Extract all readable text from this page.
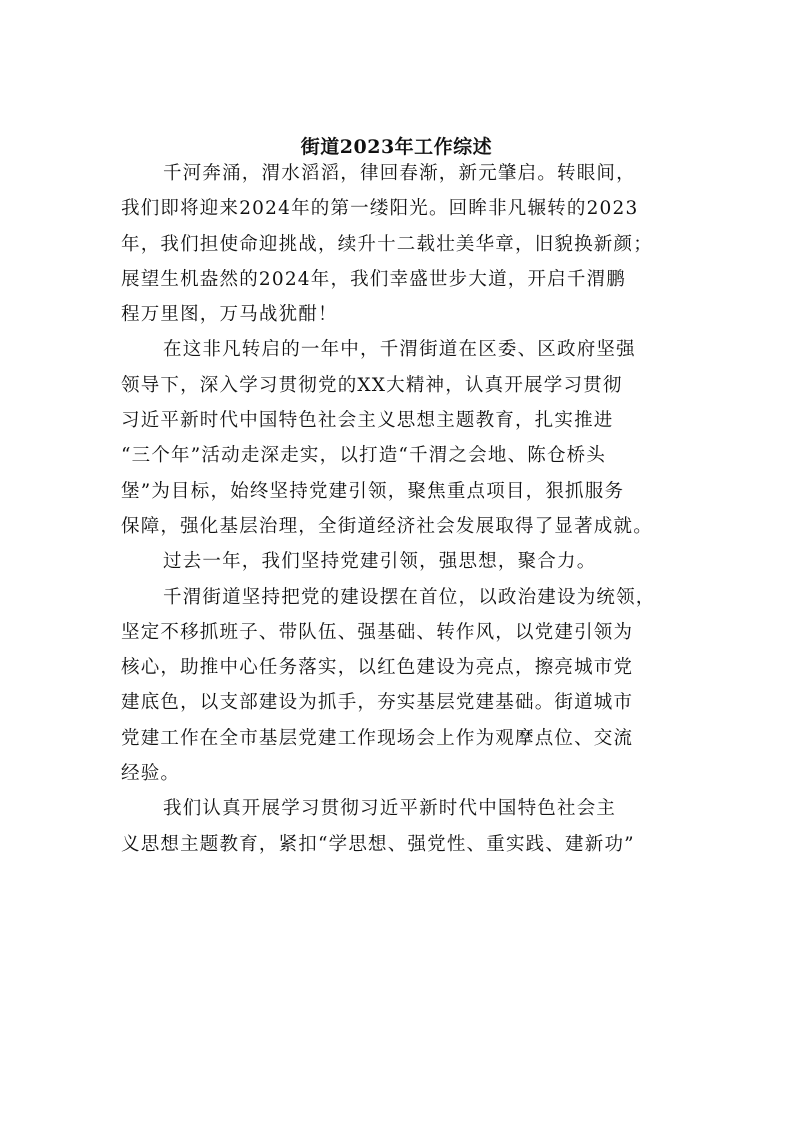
街道2023年工作综述
千河奔涌，渭水滔滔，律回春渐，新元肇启。转眼间，
我们即将迎来2024年的第一缕阳光。回眸非凡辗转的2023
年，我们担使命迎挑战，续升十二载壮美华章，旧貌换新颜；
展望生机盎然的2024年，我们幸盛世步大道，开启千渭鹏
程万里图，万马战犹酣！
在这非凡转启的一年中，千渭街道在区委、区政府坚强
领导下，深入学习贯彻党的XX大精神，认真开展学习贯彻
习近平新时代中国特色社会主义思想主题教育，扎实推进
“三个年”活动走深走实，以打造“千渭之会地、陈仓桥头
堡”为目标，始终坚持党建引领，聚焦重点项目，狠抓服务
保障，强化基层治理，全街道经济社会发展取得了显著成就。
过去一年，我们坚持党建引领，强思想，聚合力。
千渭街道坚持把党的建设摆在首位，以政治建设为统领，
坚定不移抓班子、带队伍、强基础、转作风，以党建引领为
核心，助推中心任务落实，以红色建设为亮点，擦亮城市党
建底色，以支部建设为抓手，夯实基层党建基础。街道城市
党建工作在全市基层党建工作现场会上作为观摩点位、交流
经验。
我们认真开展学习贯彻习近平新时代中国特色社会主
义思想主题教育，紧扣“学思想、强党性、重实践、建新功”
